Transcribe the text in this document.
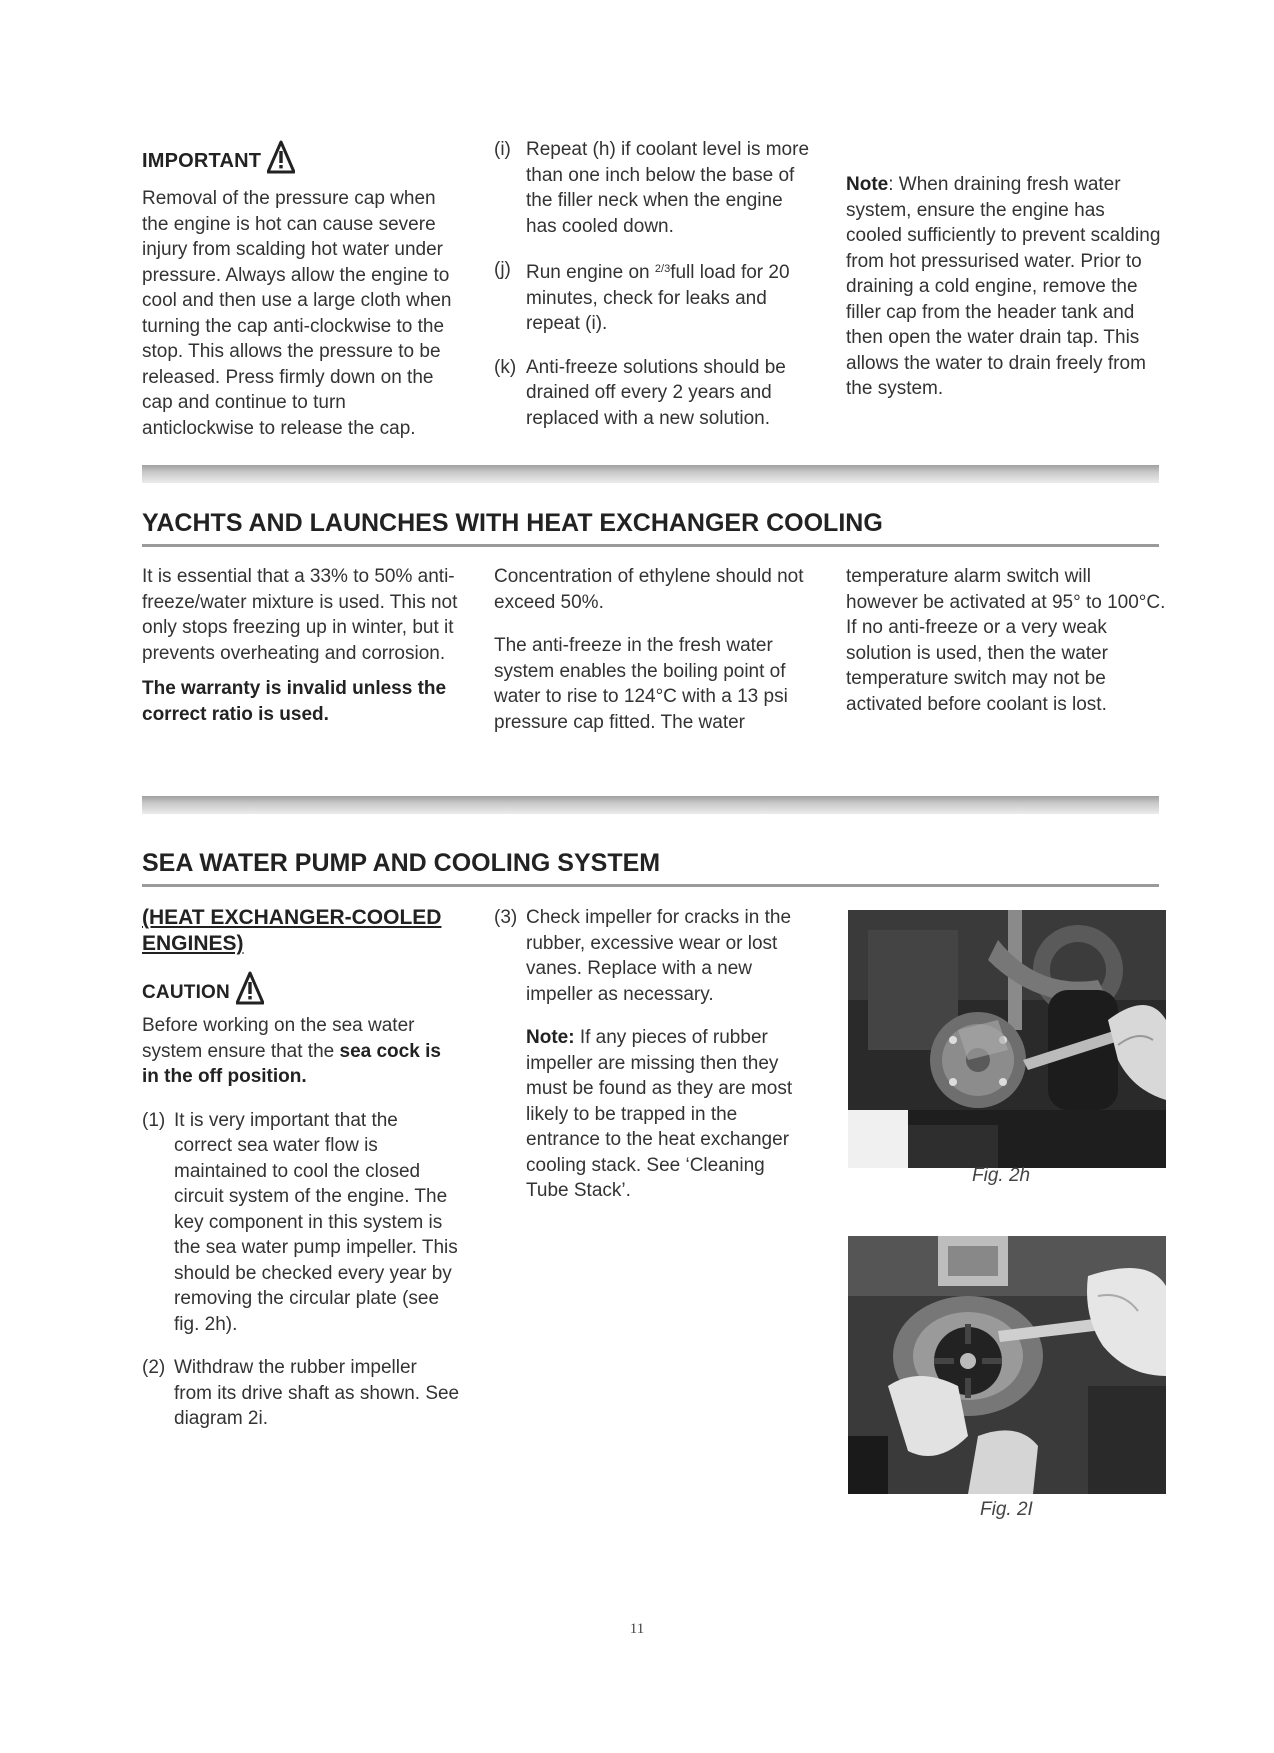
IMPORTANT

Removal of the pressure cap when the engine is hot can cause severe injury from scalding hot water under pressure. Always allow the engine to cool and then use a large cloth when turning the cap anti-clockwise to the stop. This allows the pressure to be released. Press firmly down on the cap and continue to turn anticlockwise to release the cap.

(i) Repeat (h) if coolant level is more than one inch below the base of the filler neck when the engine has cooled down.
(j) Run engine on $^{2/3}$full load for 20 minutes, check for leaks and repeat (i).
(k) Anti-freeze solutions should be drained off every 2 years and replaced with a new solution.

Note: When draining fresh water system, ensure the engine has cooled sufficiently to prevent scalding from hot pressurised water. Prior to draining a cold engine, remove the filler cap from the header tank and then open the water drain tap. This allows the water to drain freely from the system.

YACHTS AND LAUNCHES WITH HEAT EXCHANGER COOLING

It is essential that a 33% to 50% anti-freeze/water mixture is used. This not only stops freezing up in winter, but it prevents overheating and corrosion.

The warranty is invalid unless the correct ratio is used.

Concentration of ethylene should not exceed 50%.

The anti-freeze in the fresh water system enables the boiling point of water to rise to 124°C with a 13 psi pressure cap fitted. The water

temperature alarm switch will however be activated at 95° to 100°C. If no anti-freeze or a very weak solution is used, then the water temperature switch may not be activated before coolant is lost.

SEA WATER PUMP AND COOLING SYSTEM
(HEAT EXCHANGER-COOLED
ENGINES)
CAUTION

Before working on the sea water system ensure that the sea cock is in the off position.

(1) It is very important that the correct sea water flow is maintained to cool the closed circuit system of the engine. The key component in this system is the sea water pump impeller. This should be checked every year by removing the circular plate (see fig. 2h).
(2) Withdraw the rubber impeller from its drive shaft as shown. See diagram 2i.
(3) Check impeller for cracks in the rubber, excessive wear or lost vanes. Replace with a new impeller as necessary.

Note: If any pieces of rubber impeller are missing then they must be found as they are most likely to be trapped in the entrance to the heat exchanger cooling stack. See ‘Cleaning Tube Stack’.

Fig. 2h
Fig. 2I
11
